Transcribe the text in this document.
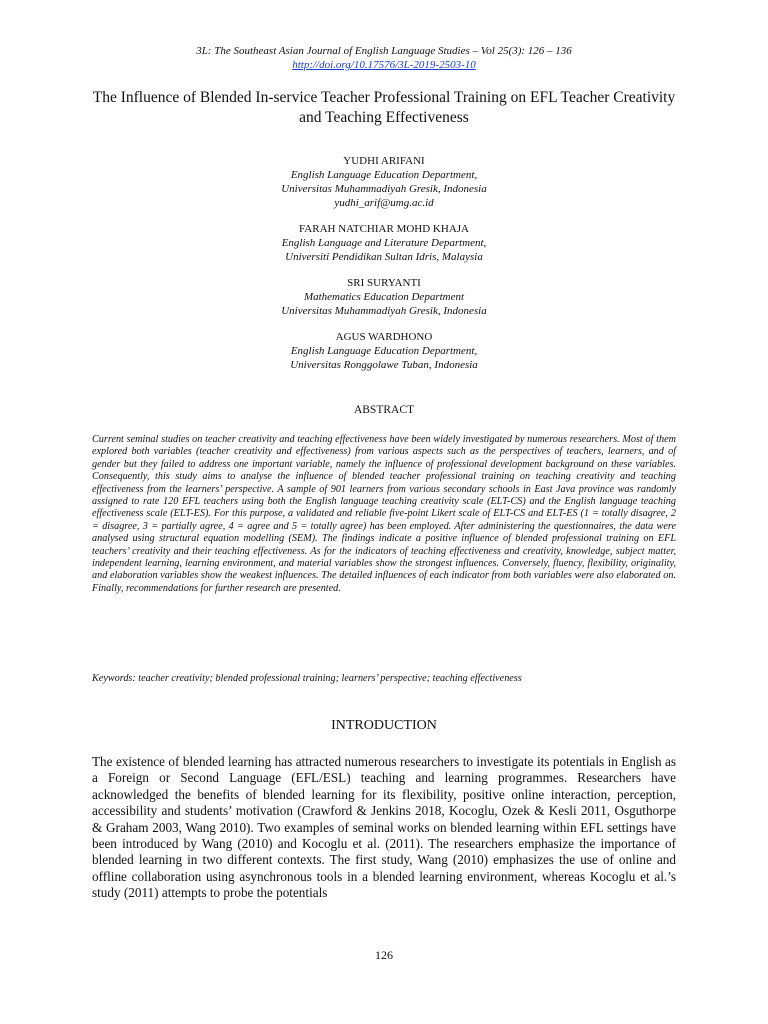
3L: The Southeast Asian Journal of English Language Studies – Vol 25(3): 126 – 136
http://doi.org/10.17576/3L-2019-2503-10
The Influence of Blended In-service Teacher Professional Training on EFL Teacher Creativity and Teaching Effectiveness
YUDHI ARIFANI
English Language Education Department,
Universitas Muhammadiyah Gresik, Indonesia
yudhi_arif@umg.ac.id
FARAH NATCHIAR MOHD KHAJA
English Language and Literature Department,
Universiti Pendidikan Sultan Idris, Malaysia
SRI SURYANTI
Mathematics Education Department
Universitas Muhammadiyah Gresik, Indonesia
AGUS WARDHONO
English Language Education Department,
Universitas Ronggolawe Tuban, Indonesia
ABSTRACT

Current seminal studies on teacher creativity and teaching effectiveness have been widely investigated by numerous researchers. Most of them explored both variables (teacher creativity and effectiveness) from various aspects such as the perspectives of teachers, learners, and of gender but they failed to address one important variable, namely the influence of professional development background on these variables. Consequently, this study aims to analyse the influence of blended teacher professional training on teaching creativity and teaching effectiveness from the learners’ perspective. A sample of 901 learners from various secondary schools in East Java province was randomly assigned to rate 120 EFL teachers using both the English language teaching creativity scale (ELT-CS) and the English language teaching effectiveness scale (ELT-ES). For this purpose, a validated and reliable five-point Likert scale of ELT-CS and ELT-ES (1 = totally disagree, 2 = disagree, 3 = partially agree, 4 = agree and 5 = totally agree) has been employed. After administering the questionnaires, the data were analysed using structural equation modelling (SEM). The findings indicate a positive influence of blended professional training on EFL teachers’ creativity and their teaching effectiveness. As for the indicators of teaching effectiveness and creativity, knowledge, subject matter, independent learning, learning environment, and material variables show the strongest influences. Conversely, fluency, flexibility, originality, and elaboration variables show the weakest influences. The detailed influences of each indicator from both variables were also elaborated on. Finally, recommendations for further research are presented.

Keywords: teacher creativity; blended professional training; learners’ perspective; teaching effectiveness

INTRODUCTION

The existence of blended learning has attracted numerous researchers to investigate its potentials in English as a Foreign or Second Language (EFL/ESL) teaching and learning programmes. Researchers have acknowledged the benefits of blended learning for its flexibility, positive online interaction, perception, accessibility and students’ motivation (Crawford & Jenkins 2018, Kocoglu, Ozek & Kesli 2011, Osguthorpe & Graham 2003, Wang 2010). Two examples of seminal works on blended learning within EFL settings have been introduced by Wang (2010) and Kocoglu et al. (2011). The researchers emphasize the importance of blended learning in two different contexts. The first study, Wang (2010) emphasizes the use of online and offline collaboration using asynchronous tools in a blended learning environment, whereas Kocoglu et al.’s study (2011) attempts to probe the potentials

126
